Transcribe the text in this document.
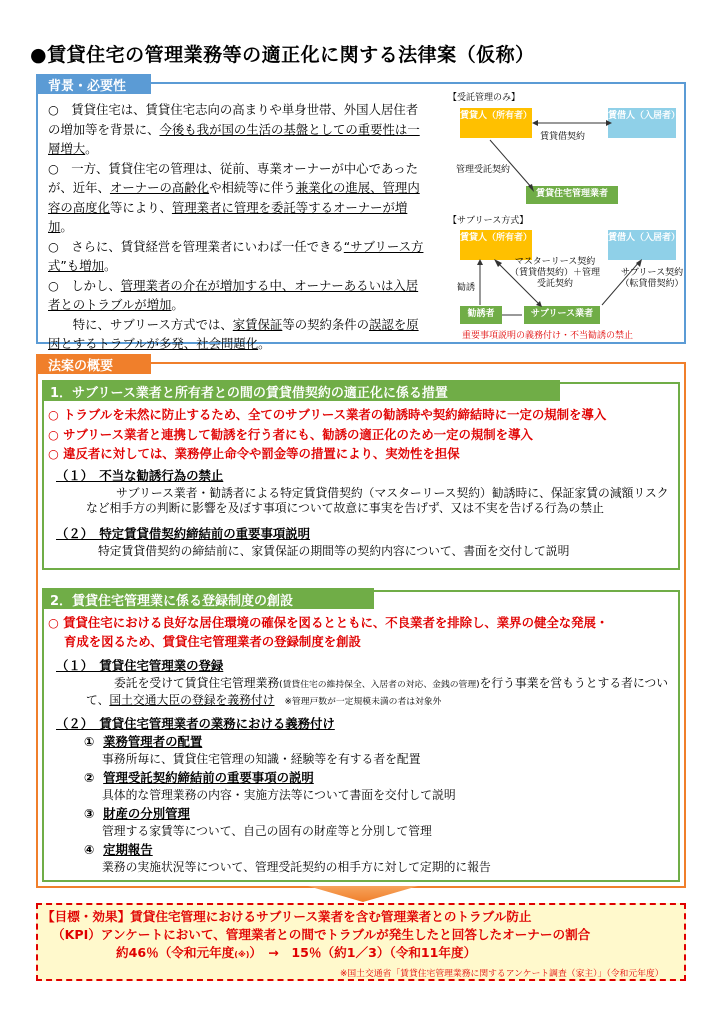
●賃貸住宅の管理業務等の適正化に関する法律案（仮称）
背景・必要性

○　賃貸住宅は、賃貸住宅志向の高まりや単身世帯、外国人居住者の増加等を背景に、今後も我が国の生活の基盤としての重要性は一層増大。

○　一方、賃貸住宅の管理は、従前、専業オーナーが中心であったが、近年、オーナーの高齢化や相続等に伴う兼業化の進展、管理内容の高度化等により、管理業者に管理を委託等するオーナーが増加。

○　さらに、賃貸経営を管理業者にいわば一任できる“サブリース方式”も増加。

○　しかし、管理業者の介在が増加する中、オーナーあるいは入居者とのトラブルが増加。

　　特に、サブリース方式では、家賃保証等の契約条件の誤認を原因とするトラブルが多発、社会問題化。

【受託管理のみ】
賃貸人（所有者）	賃借人（入居者）
賃貸住宅管理業者
賃貸借契約
管理受託契約
【サブリース方式】
賃貸人（所有者）	賃借人（入居者）
勧誘者	サブリース業者
マスターリース契約（賃貸借契約）＋管理受託契約
サブリース契約（転貸借契約）
勧誘
重要事項説明の義務付け・不当勧誘の禁止
法案の概要
1．サブリース業者と所有者との間の賃貸借契約の適正化に係る措置
○ トラブルを未然に防止するため、全てのサブリース業者の勧誘時や契約締結時に一定の規制を導入
○ サブリース業者と連携して勧誘を行う者にも、勧誘の適正化のため一定の規制を導入
○ 違反者に対しては、業務停止命令や罰金等の措置により、実効性を担保
（１）　不当な勧誘行為の禁止
サブリース業者・勧誘者による特定賃貸借契約（マスターリース契約）勧誘時に、保証家賃の減額リスクなど相手方の判断に影響を及ぼす事項について故意に事実を告げず、又は不実を告げる行為の禁止
（２）　特定賃貸借契約締結前の重要事項説明
特定賃貸借契約の締結前に、家賃保証の期間等の契約内容について、書面を交付して説明
2．賃貸住宅管理業に係る登録制度の創設
○ 賃貸住宅における良好な居住環境の確保を図るとともに、不良業者を排除し、業界の健全な発展・
育成を図るため、賃貸住宅管理業者の登録制度を創設
（１）　賃貸住宅管理業の登録
委託を受けて賃貸住宅管理業務(賃貸住宅の維持保全、入居者の対応、金銭の管理)を行う事業を営もうとする者について、国土交通大臣の登録を義務付け ※管理戸数が一定規模未満の者は対象外
（２）　賃貸住宅管理業者の業務における義務付け
① 業務管理者の配置
事務所毎に、賃貸住宅管理の知識・経験等を有する者を配置
② 管理受託契約締結前の重要事項の説明
具体的な管理業務の内容・実施方法等について書面を交付して説明
③ 財産の分別管理
管理する家賃等について、自己の固有の財産等と分別して管理
④ 定期報告
業務の実施状況等について、管理受託契約の相手方に対して定期的に報告
【目標・効果】賃貸住宅管理におけるサブリース業者を含む管理業者とのトラブル防止
（KPI）アンケートにおいて、管理業者との間でトラブルが発生したと回答したオーナーの割合
約46％（令和元年度(※)）　→　15％（約1／3）（令和11年度）
※国土交通省「賃貸住宅管理業務に関するアンケート調査（家主）」（令和元年度）
